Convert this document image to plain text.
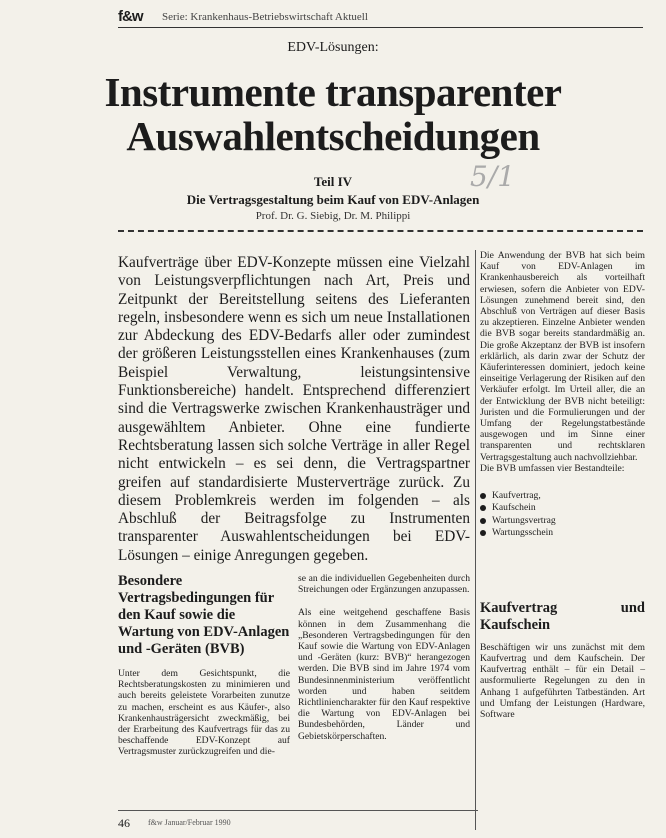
f&w Serie: Krankenhaus-Betriebswirtschaft Aktuell
EDV-Lösungen:
Instrumente transparenter
Auswahlentscheidungen
5/1
Teil IV
Die Vertragsgestaltung beim Kauf von EDV-Anlagen
Prof. Dr. G. Siebig, Dr. M. Philippi

Kaufverträge über EDV-Konzepte müssen eine Vielzahl von Leistungsverpflichtungen nach Art, Preis und Zeitpunkt der Bereitstellung seitens des Lieferanten regeln, insbesondere wenn es sich um neue Installationen zur Abdeckung des EDV-Bedarfs aller oder zumindest der größeren Leistungsstellen eines Krankenhauses (zum Beispiel Verwaltung, leistungsintensive Funktionsbereiche) handelt. Entsprechend differenziert sind die Vertragswerke zwischen Krankenhausträger und ausgewähltem Anbieter. Ohne eine fundierte Rechtsberatung lassen sich solche Verträge in aller Regel nicht entwickeln – es sei denn, die Vertragspartner greifen auf standardisierte Musterverträge zurück. Zu diesem Problemkreis werden im folgenden – als Abschluß der Beitragsfolge zu Instrumenten transparenter Auswahlentscheidungen bei EDV-Lösungen – einige Anregungen gegeben.

Die Anwendung der BVB hat sich beim Kauf von EDV-Anlagen im Krankenhausbereich als vorteilhaft erwiesen, sofern die Anbieter von EDV-Lösungen zunehmend bereit sind, den Abschluß von Verträgen auf dieser Basis zu akzeptieren. Einzelne Anbieter wenden die BVB sogar bereits standardmäßig an. Die große Akzeptanz der BVB ist insofern erklärlich, als darin zwar der Schutz der Käuferinteressen dominiert, jedoch keine einseitige Verlagerung der Risiken auf den Verkäufer erfolgt. Im Urteil aller, die an der Entwicklung der BVB nicht beteiligt: Juristen und die Formulierungen und der Umfang der Regelungstatbestände ausgewogen und im Sinne einer transparenten und rechtsklaren Vertragsgestaltung auch nachvollziehbar.

Die BVB umfassen vier Bestandteile:

Kaufvertrag,
Kaufschein
Wartungsvertrag
Wartungsschein
Kaufvertrag und Kaufschein

Beschäftigen wir uns zunächst mit dem Kaufvertrag und dem Kaufschein. Der Kaufvertrag enthält – für ein Detail – ausformulierte Regelungen zu den in Anhang 1 aufgeführten Tatbeständen. Art und Umfang der Leistungen (Hardware, Software

Besondere Vertragsbedingungen für den Kauf sowie die Wartung von EDV-Anlagen und -Geräten (BVB)

Unter dem Gesichtspunkt, die Rechtsberatungskosten zu minimieren und auch bereits geleistete Vorarbeiten zunutze zu machen, erscheint es aus Käufer-, also Krankenhausträgersicht zweckmäßig, bei der Erarbeitung des Kaufvertrags für das zu beschaffende EDV-Konzept auf Vertragsmuster zurückzugreifen und die-

se an die individuellen Gegebenheiten durch Streichungen oder Ergänzungen anzupassen.

Als eine weitgehend geschaffene Basis können in dem Zusammenhang die „Besonderen Vertragsbedingungen für den Kauf sowie die Wartung von EDV-Anlagen und -Geräten (kurz: BVB)“ herangezogen werden. Die BVB sind im Jahre 1974 vom Bundesinnenministerium veröffentlicht worden und haben seitdem Richtliniencharakter für den Kauf respektive die Wartung von EDV-Anlagen bei Bundesbehörden, Länder und Gebietskörperschaften.

46 f&w Januar/Februar 1990
